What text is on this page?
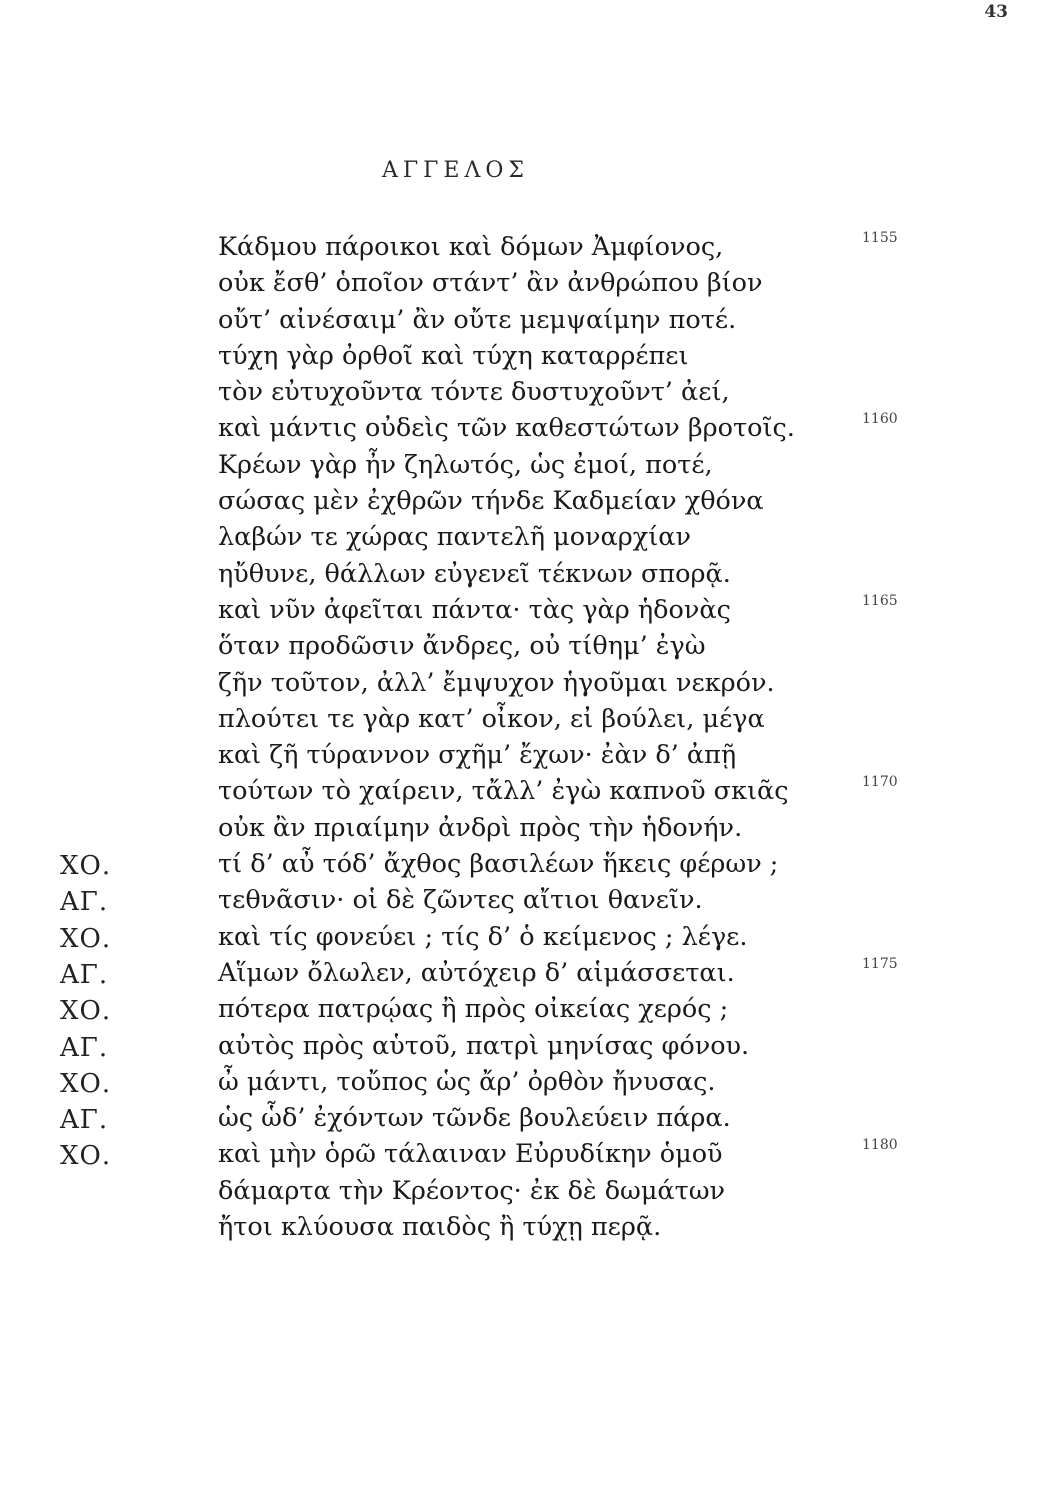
43
ΑΓΓΕΛΟΣ
Κάδμου πάροικοι καὶ δόμων Ἀμφίονος,	1155
οὐκ ἔσθ’ ὁποῖον στάντ’ ἂν ἀνθρώπου βίον
οὔτ’ αἰνέσαιμ’ ἂν οὔτε μεμψαίμην ποτέ.
τύχη γὰρ ὀρθοῖ καὶ τύχη καταρρέπει
τὸν εὐτυχοῦντα τόντε δυστυχοῦντ’ ἀεί,
καὶ μάντις οὐδεὶς τῶν καθεστώτων βροτοῖς.	1160
Κρέων γὰρ ἦν ζηλωτός, ὡς ἐμοί, ποτέ,
σώσας μὲν ἐχθρῶν τήνδε Καδμείαν χθόνα
λαβών τε χώρας παντελῆ μοναρχίαν
ηὔθυνε, θάλλων εὐγενεῖ τέκνων σπορᾷ.
καὶ νῦν ἀφεῖται πάντα· τὰς γὰρ ἡδονὰς	1165
ὅταν προδῶσιν ἄνδρες, οὐ τίθημ’ ἐγὼ
ζῆν τοῦτον, ἀλλ’ ἔμψυχον ἡγοῦμαι νεκρόν.
πλούτει τε γὰρ κατ’ οἶκον, εἰ βούλει, μέγα
καὶ ζῆ τύραννον σχῆμ’ ἔχων· ἐὰν δ’ ἀπῇ
τούτων τὸ χαίρειν, τἄλλ’ ἐγὼ καπνοῦ σκιᾶς	1170
οὐκ ἂν πριαίμην ἀνδρὶ πρὸς τὴν ἡδονήν.
ΧΟ.	τί δ’ αὖ τόδ’ ἄχθος βασιλέων ἥκεις φέρων ;
ΑΓ.	τεθνᾶσιν· οἱ δὲ ζῶντες αἴτιοι θανεῖν.
ΧΟ.	καὶ τίς φονεύει ; τίς δ’ ὁ κείμενος ; λέγε.
ΑΓ.	Αἵμων ὄλωλεν, αὐτόχειρ δ’ αἱμάσσεται.	1175
ΧΟ.	πότερα πατρῴας ἢ πρὸς οἰκείας χερός ;
ΑΓ.	αὐτὸς πρὸς αὑτοῦ, πατρὶ μηνίσας φόνου.
ΧΟ.	ὦ μάντι, τοὔπος ὡς ἄρ’ ὀρθὸν ἤνυσας.
ΑΓ.	ὡς ὧδ’ ἐχόντων τῶνδε βουλεύειν πάρα.
ΧΟ.	καὶ μὴν ὁρῶ τάλαιναν Εὐρυδίκην ὁμοῦ	1180
δάμαρτα τὴν Κρέοντος· ἐκ δὲ δωμάτων
ἤτοι κλύουσα παιδὸς ἢ τύχῃ περᾷ.
